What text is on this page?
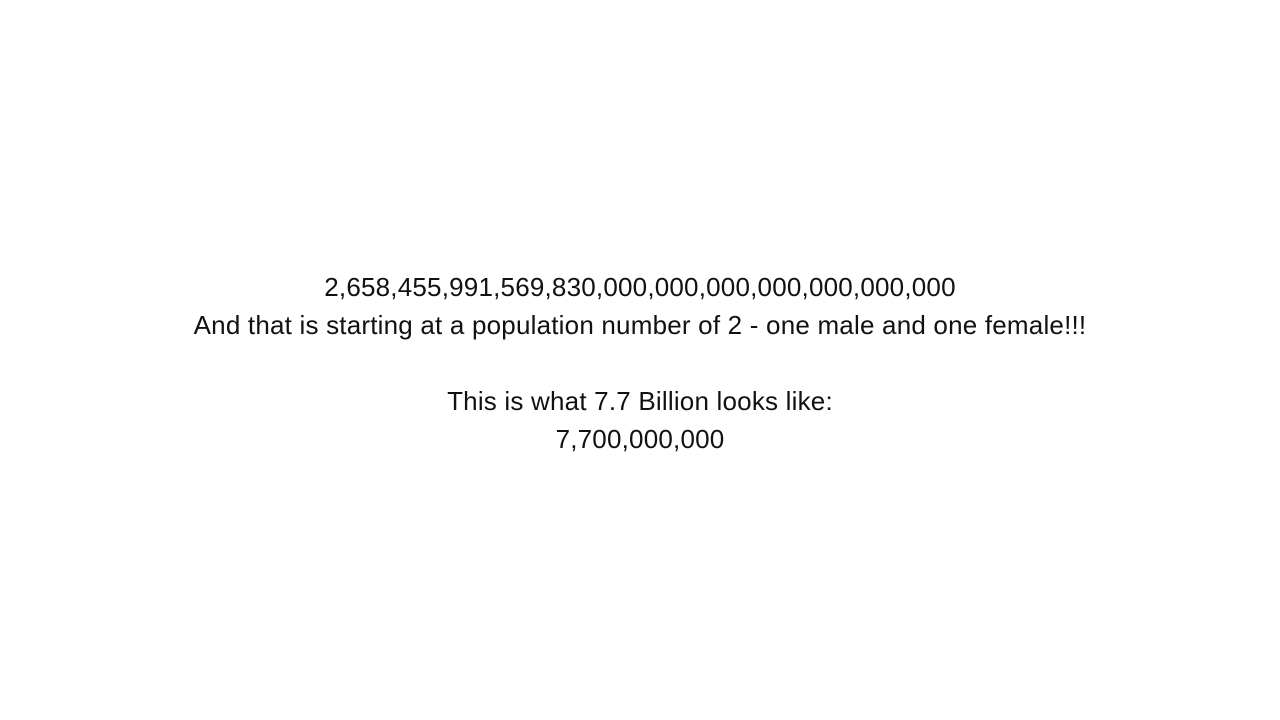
2,658,455,991,569,830,000,000,000,000,000,000,000
And that is starting at a population number of 2 - one male and one female!!!
This is what 7.7 Billion looks like:
7,700,000,000
